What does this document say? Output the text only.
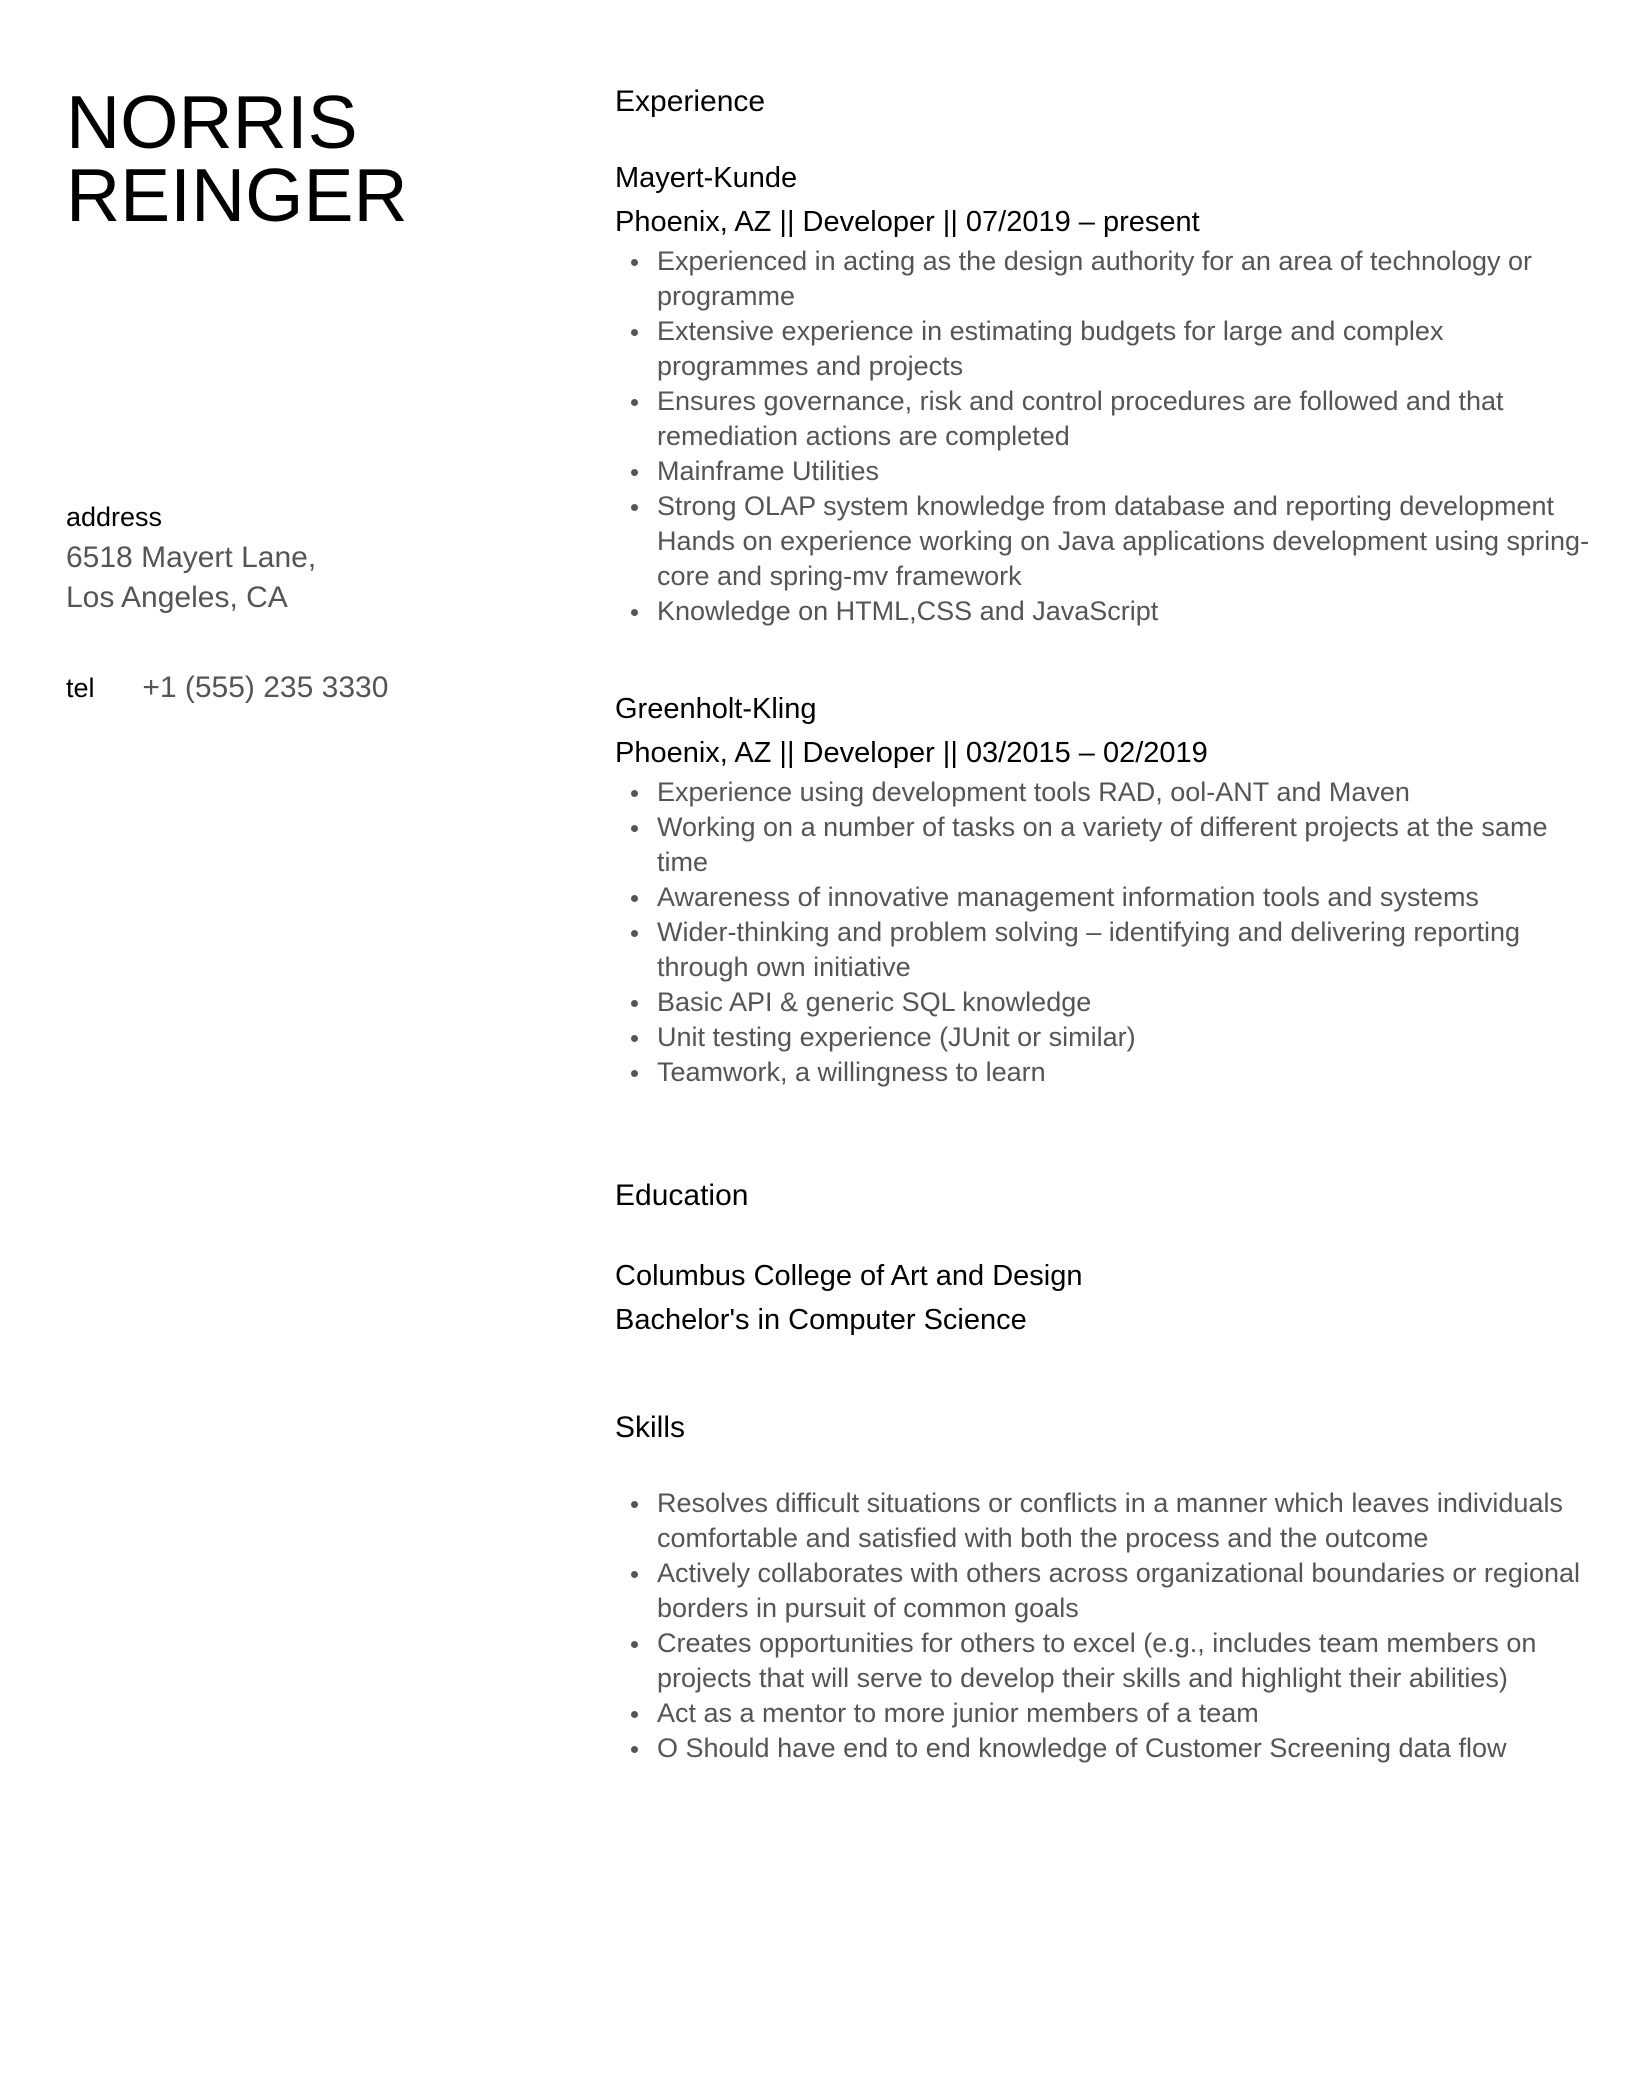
NORRIS
REINGER
address
6518 Mayert Lane,
Los Angeles, CA
tel +1 (555) 235 3330
Experience
Mayert-Kunde
Phoenix, AZ || Developer || 07/2019 – present
Experienced in acting as the design authority for an area of technology or programme
Extensive experience in estimating budgets for large and complex programmes and projects
Ensures governance, risk and control procedures are followed and that remediation actions are completed
Mainframe Utilities
Strong OLAP system knowledge from database and reporting development Hands on experience working on Java applications development using spring-core and spring-mv framework
Knowledge on HTML,CSS and JavaScript
Greenholt-Kling
Phoenix, AZ || Developer || 03/2015 – 02/2019
Experience using development tools RAD, ool-ANT and Maven
Working on a number of tasks on a variety of different projects at the same time
Awareness of innovative management information tools and systems
Wider-thinking and problem solving – identifying and delivering reporting through own initiative
Basic API & generic SQL knowledge
Unit testing experience (JUnit or similar)
Teamwork, a willingness to learn
Education
Columbus College of Art and Design
Bachelor's in Computer Science
Skills
Resolves difficult situations or conflicts in a manner which leaves individuals comfortable and satisfied with both the process and the outcome
Actively collaborates with others across organizational boundaries or regional borders in pursuit of common goals
Creates opportunities for others to excel (e.g., includes team members on projects that will serve to develop their skills and highlight their abilities)
Act as a mentor to more junior members of a team
O Should have end to end knowledge of Customer Screening data flow
